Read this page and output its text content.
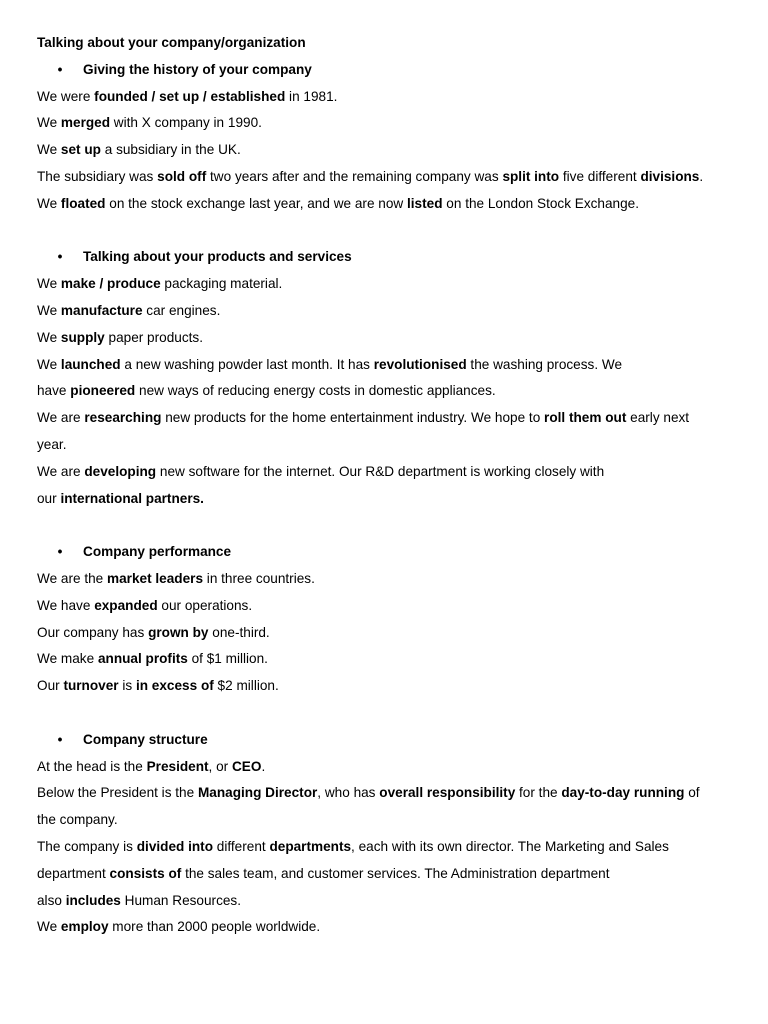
Talking about your company/organization
• Giving the history of your company
We were founded / set up / established in 1981.
We merged with X company in 1990.
We set up a subsidiary in the UK.
The subsidiary was sold off two years after and the remaining company was split into five different divisions.
We floated on the stock exchange last year, and we are now listed on the London Stock Exchange.
• Talking about your products and services
We make / produce packaging material.
We manufacture car engines.
We supply paper products.
We launched a new washing powder last month. It has revolutionised the washing process. We
have pioneered new ways of reducing energy costs in domestic appliances.
We are researching new products for the home entertainment industry. We hope to roll them out early next
year.
We are developing new software for the internet. Our R&D department is working closely with
our international partners.
• Company performance
We are the market leaders in three countries.
We have expanded our operations.
Our company has grown by one-third.
We make annual profits of $1 million.
Our turnover is in excess of $2 million.
• Company structure
At the head is the President, or CEO.
Below the President is the Managing Director, who has overall responsibility for the day-to-day running of
the company.
The company is divided into different departments, each with its own director. The Marketing and Sales
department consists of the sales team, and customer services. The Administration department
also includes Human Resources.
We employ more than 2000 people worldwide.
